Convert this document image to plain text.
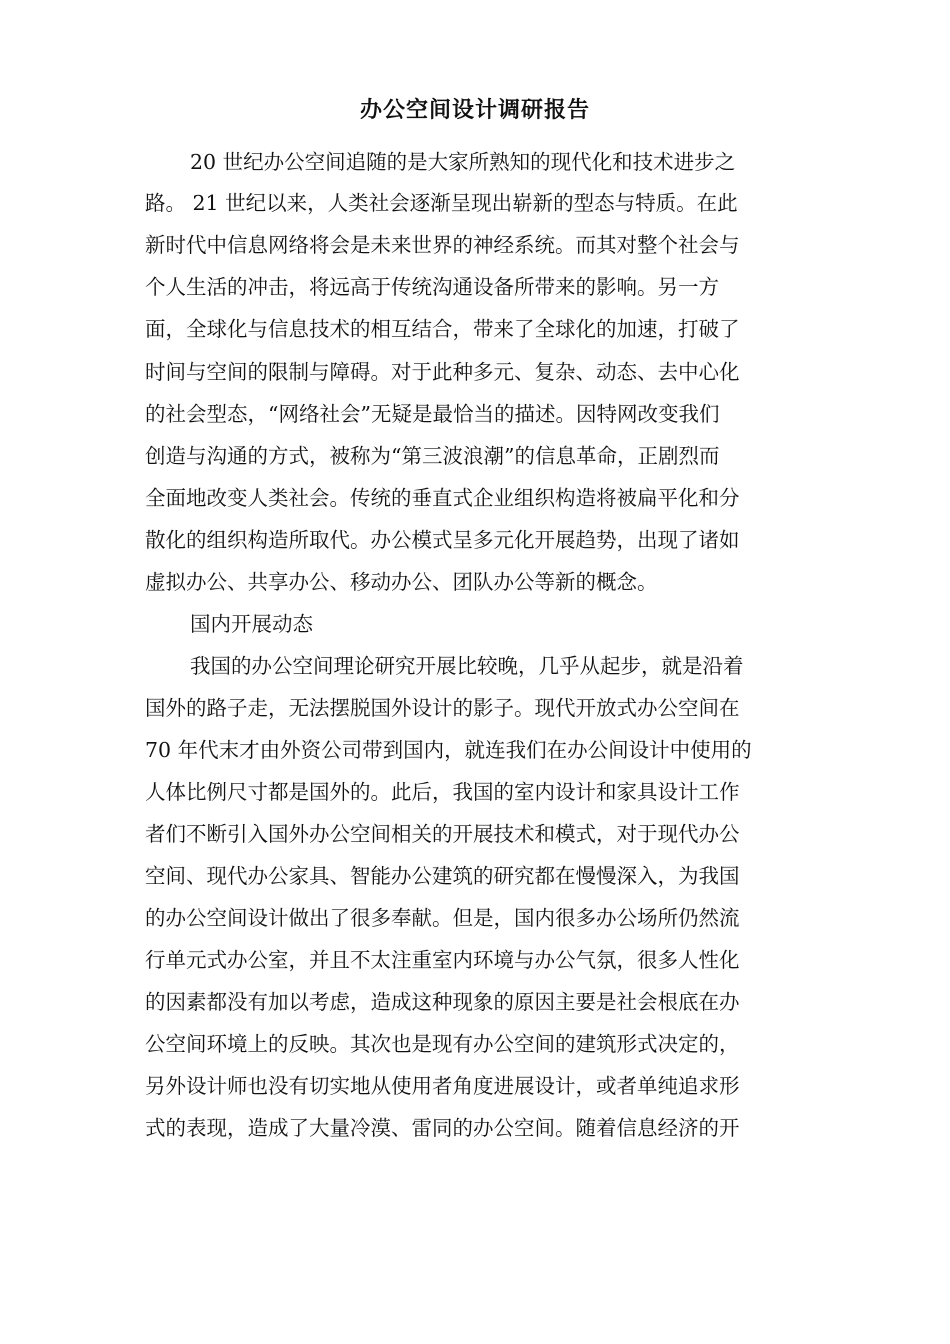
办公空间设计调研报告
20 世纪办公空间追随的是大家所熟知的现代化和技术进步之
路。 21 世纪以来，人类社会逐渐呈现出崭新的型态与特质。在此
新时代中信息网络将会是未来世界的神经系统。而其对整个社会与
个人生活的冲击，将远高于传统沟通设备所带来的影响。另一方
面，全球化与信息技术的相互结合，带来了全球化的加速，打破了
时间与空间的限制与障碍。对于此种多元、复杂、动态、去中心化
的社会型态，“网络社会”无疑是最恰当的描述。因特网改变我们
创造与沟通的方式，被称为“第三波浪潮”的信息革命，正剧烈而
全面地改变人类社会。传统的垂直式企业组织构造将被扁平化和分
散化的组织构造所取代。办公模式呈多元化开展趋势，出现了诸如
虚拟办公、共享办公、移动办公、团队办公等新的概念。
国内开展动态
我国的办公空间理论研究开展比较晚，几乎从起步，就是沿着
国外的路子走，无法摆脱国外设计的影子。现代开放式办公空间在
70 年代末才由外资公司带到国内，就连我们在办公间设计中使用的
人体比例尺寸都是国外的。此后，我国的室内设计和家具设计工作
者们不断引入国外办公空间相关的开展技术和模式，对于现代办公
空间、现代办公家具、智能办公建筑的研究都在慢慢深入，为我国
的办公空间设计做出了很多奉献。但是，国内很多办公场所仍然流
行单元式办公室，并且不太注重室内环境与办公气氛，很多人性化
的因素都没有加以考虑，造成这种现象的原因主要是社会根底在办
公空间环境上的反映。其次也是现有办公空间的建筑形式决定的，
另外设计师也没有切实地从使用者角度进展设计，或者单纯追求形
式的表现，造成了大量冷漠、雷同的办公空间。随着信息经济的开
